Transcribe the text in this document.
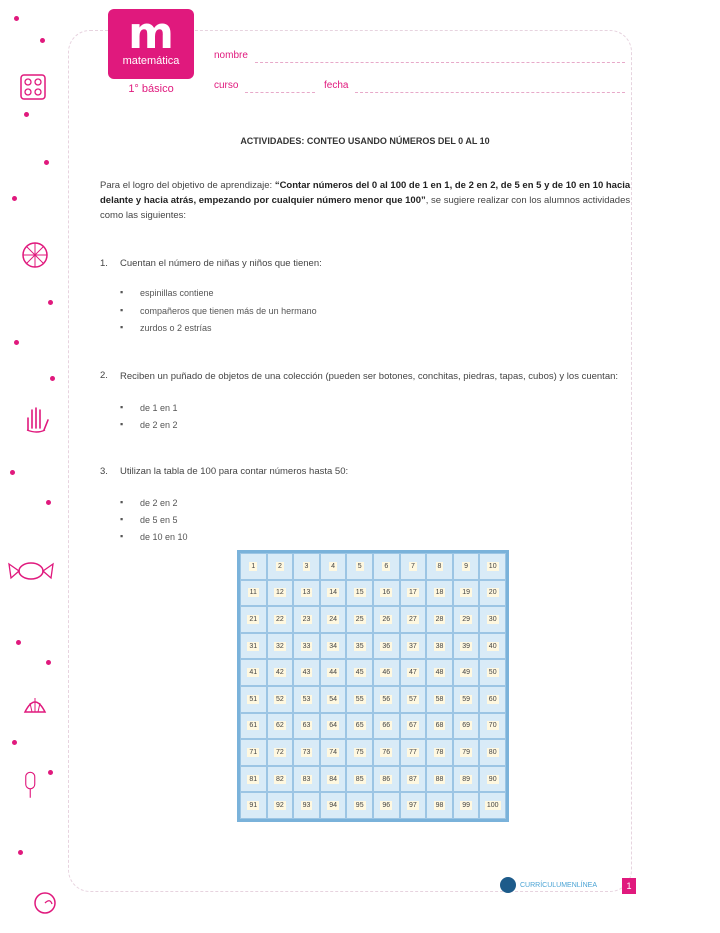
m
matemática
1° básico
nombre
curso	fecha
ACTIVIDADES: CONTEO USANDO NÚMEROS DEL 0 AL 10
Para el logro del objetivo de aprendizaje: “Contar números del 0 al 100 de 1 en 1, de 2 en 2, de 5 en 5 y de 10 en 10 hacia delante y hacia atrás, empezando por cualquier número menor que 100”, se sugiere realizar con los alumnos actividades como las siguientes:
1. Cuentan el número de niñas y niños que tienen:
▪ espinillas contiene
▪ compañeros que tienen más de un hermano
▪ zurdos o 2 estrías
2. Reciben un puñado de objetos de una colección (pueden ser botones, conchitas, piedras, tapas, cubos) y los cuentan:
▪ de 1 en 1
▪ de 2 en 2
3. Utilizan la tabla de 100 para contar números hasta 50:
▪ de 2 en 2
▪ de 5 en 5
▪ de 10 en 10
1	2	3	4	5	6	7	8	9	10
11	12	13	14	15	16	17	18	19	20
21	22	23	24	25	26	27	28	29	30
31	32	33	34	35	36	37	38	39	40
41	42	43	44	45	46	47	48	49	50
51	52	53	54	55	56	57	58	59	60
61	62	63	64	65	66	67	68	69	70
71	72	73	74	75	76	77	78	79	80
81	82	83	84	85	86	87	88	89	90
91	92	93	94	95	96	97	98	99 100
CURRÍCULUMENLÍNEA	1
